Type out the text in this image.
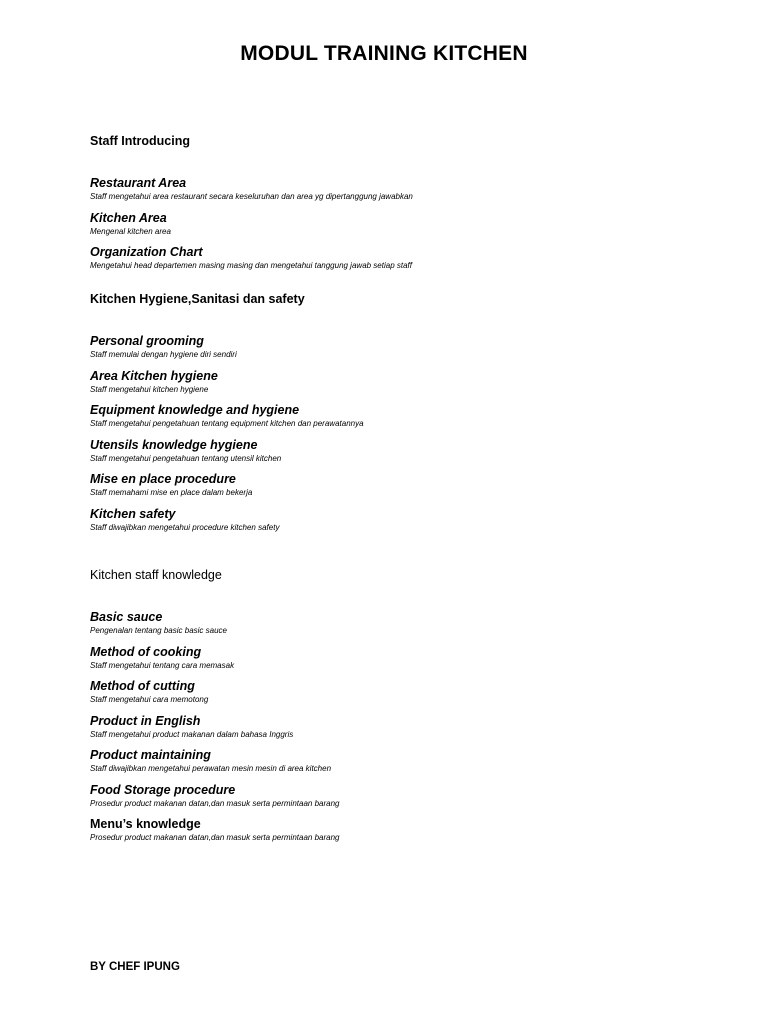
MODUL TRAINING KITCHEN

Staff Introducing

Restaurant Area
Staff mengetahui area restaurant secara keseluruhan dan area yg dipertanggung jawabkan
Kitchen Area
Mengenal kitchen area
Organization Chart
Mengetahui head departemen masing masing dan mengetahui tanggung jawab setiap staff

Kitchen Hygiene,Sanitasi dan safety

Personal grooming
Staff memulai dengan hygiene diri sendiri
Area Kitchen hygiene
Staff mengetahui kitchen hygiene
Equipment knowledge and hygiene
Staff mengetahui pengetahuan tentang equipment kitchen dan perawatannya
Utensils knowledge hygiene
Staff mengetahui pengetahuan tentang utensil kitchen
Mise en place procedure
Staff memahami mise en place dalam bekerja
Kitchen safety
Staff diwajibkan mengetahui procedure kitchen safety

Kitchen staff knowledge

Basic sauce
Pengenalan tentang basic basic sauce
Method of cooking
Staff mengetahui tentang cara memasak
Method of cutting
Staff mengetahui cara memotong
Product in English
Staff mengetahui product makanan dalam bahasa Inggris
Product maintaining
Staff diwajibkan mengetahui perawatan mesin mesin di area kitchen
Food Storage procedure
Prosedur product makanan datan,dan masuk serta permintaan barang
Menu’s knowledge
Prosedur product makanan datan,dan masuk serta permintaan barang

BY CHEF IPUNG
